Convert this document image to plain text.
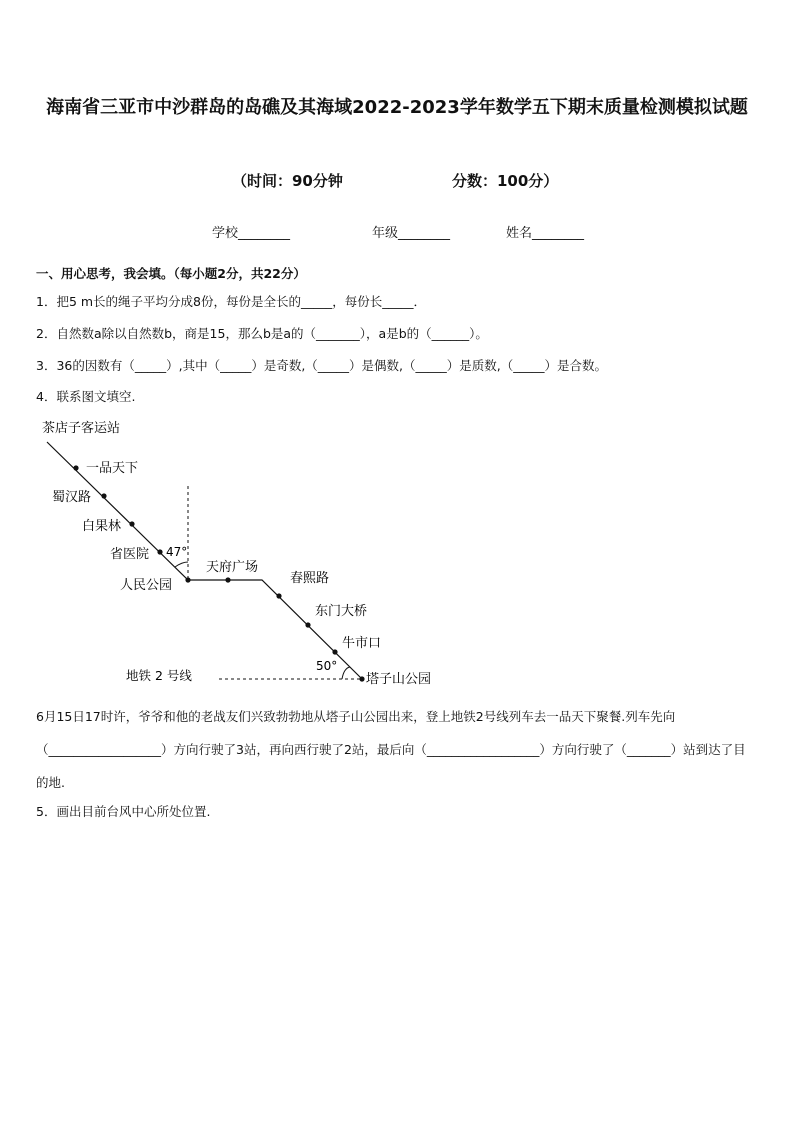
海南省三亚市中沙群岛的岛礁及其海域2022-2023学年数学五下期末质量检测模拟试题
（时间：90分钟	分数：100分）
学校________	年级________	姓名________
一、用心思考，我会填。（每小题2分，共22分）
1．把5 m长的绳子平均分成8份，每份是全长的_____，每份长_____．
2．自然数a除以自然数b，商是15，那么b是a的（_______），a是b的（______）。
3．36的因数有（_____）,其中（_____）是奇数,（_____）是偶数,（_____）是质数,（_____）是合数。
4．联系图文填空.
茶店子客运站
一品天下
蜀汉路
白果林
省医院
人民公园
天府广场
春熙路
东门大桥
牛市口
塔子山公园
47°
50°
地铁 2 号线
6月15日17时许，爷爷和他的老战友们兴致勃勃地从塔子山公园出来，登上地铁2号线列车去一品天下聚餐.列车先向（__________________）方向行驶了3站，再向西行驶了2站，最后向（__________________）方向行驶了（_______）站到达了目的地.
5．画出目前台风中心所处位置.
